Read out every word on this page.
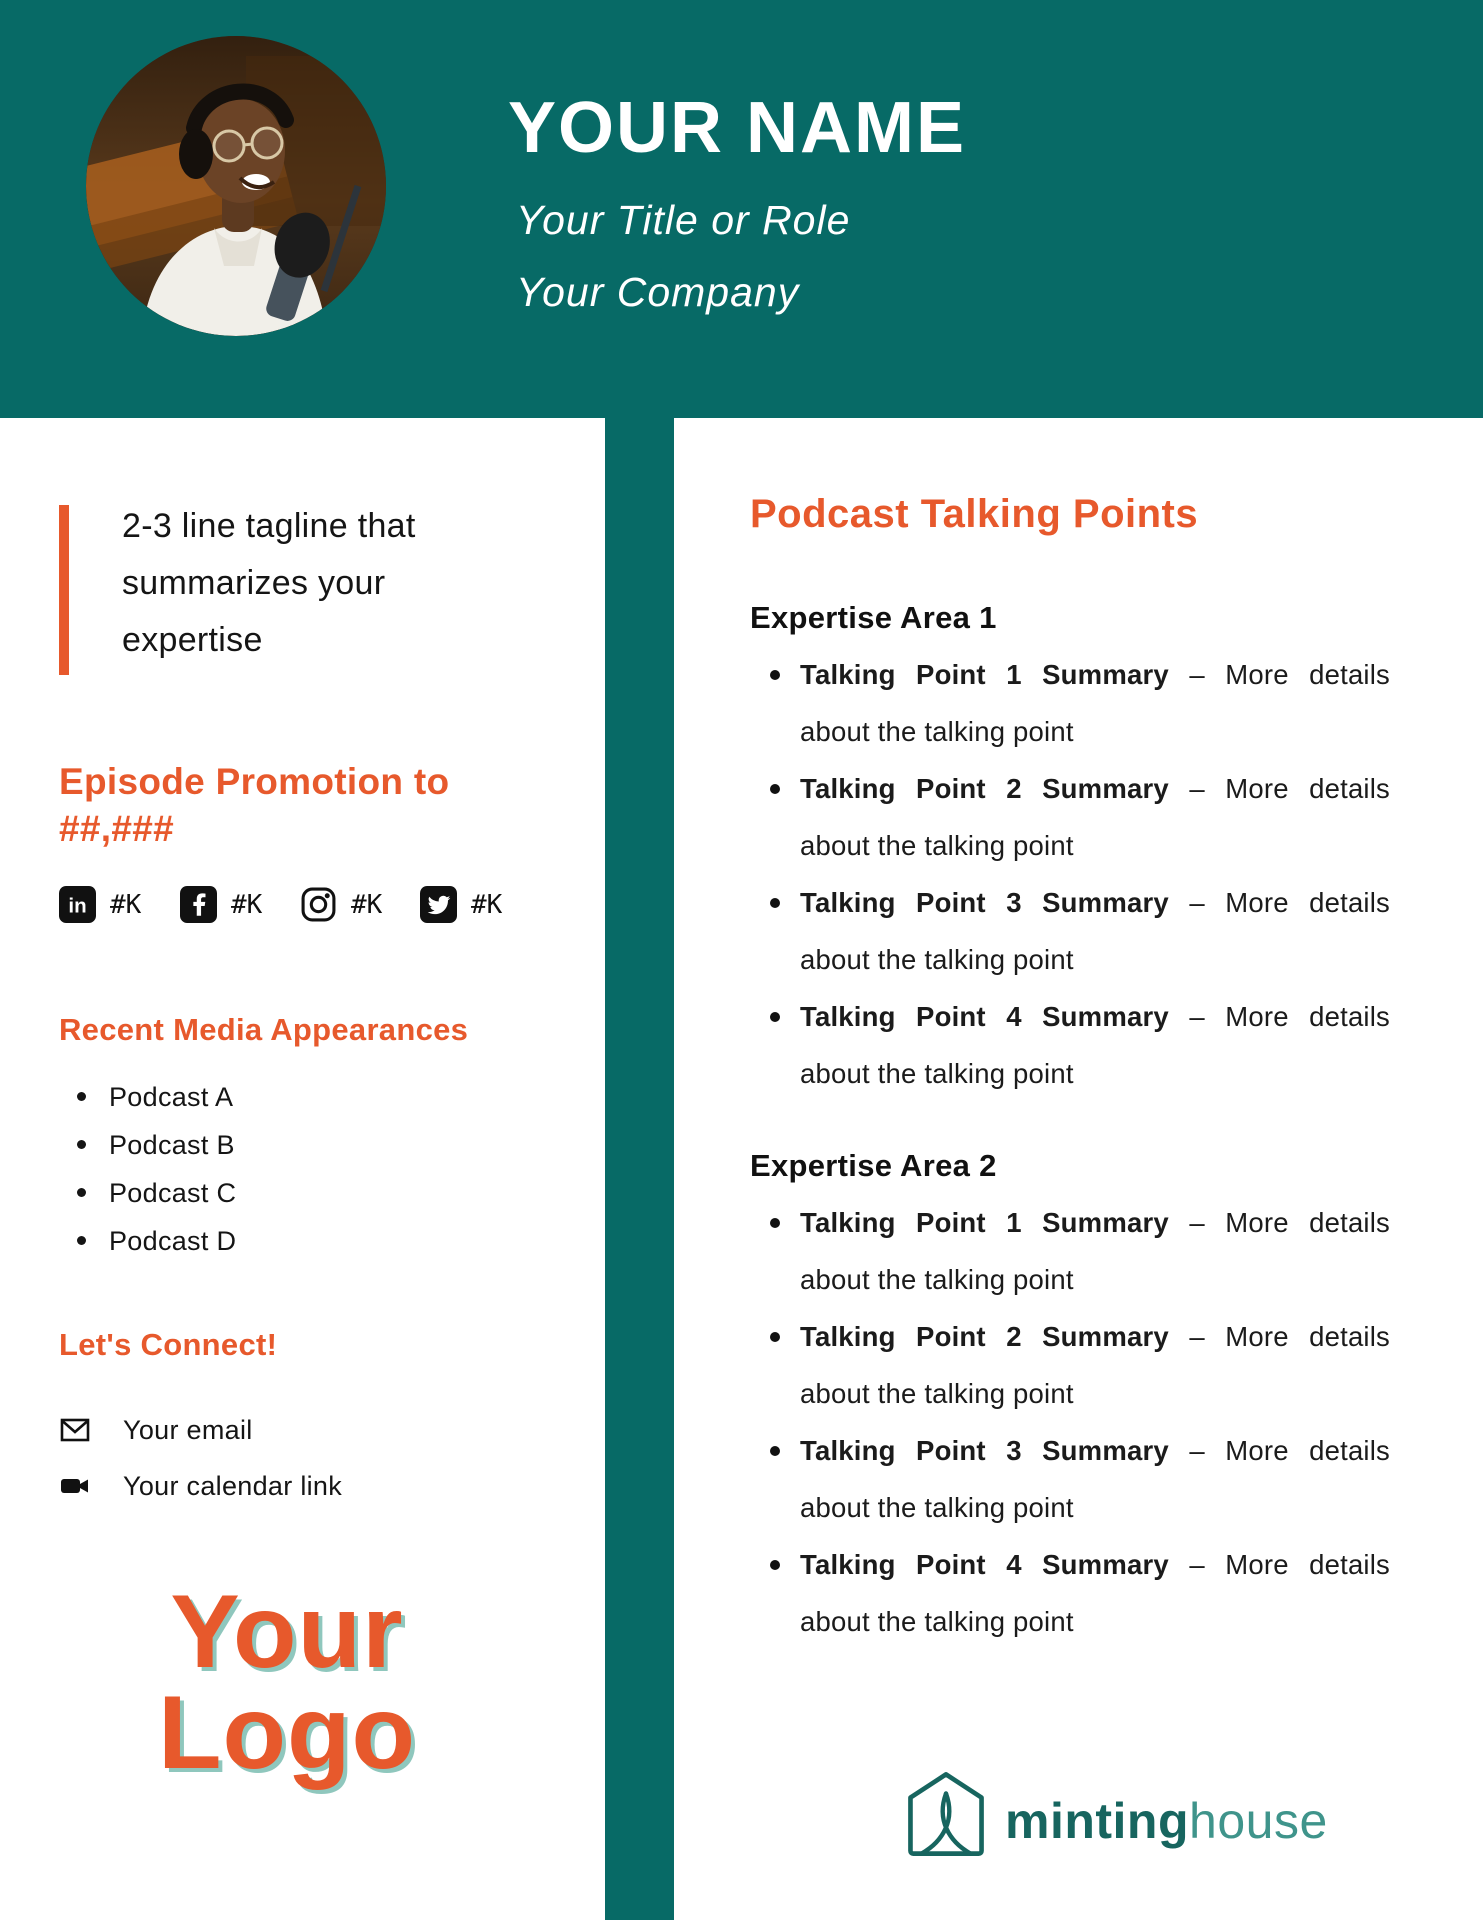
YOUR NAME
Your Title or Role
Your Company
2-3 line tagline that
summarizes your
expertise
Episode Promotion to ##,###
in #K	#K	#K	#K
Recent Media Appearances
Podcast A
Podcast B
Podcast C
Podcast D
Let's Connect!
Your email
Your calendar link
Your
Logo
Podcast Talking Points
Expertise Area 1
Talking Point 1 Summary – More details about the talking point
Talking Point 2 Summary – More details about the talking point
Talking Point 3 Summary – More details about the talking point
Talking Point 4 Summary – More details about the talking point
Expertise Area 2
Talking Point 1 Summary – More details about the talking point
Talking Point 2 Summary – More details about the talking point
Talking Point 3 Summary – More details about the talking point
Talking Point 4 Summary – More details about the talking point
mintinghouse
